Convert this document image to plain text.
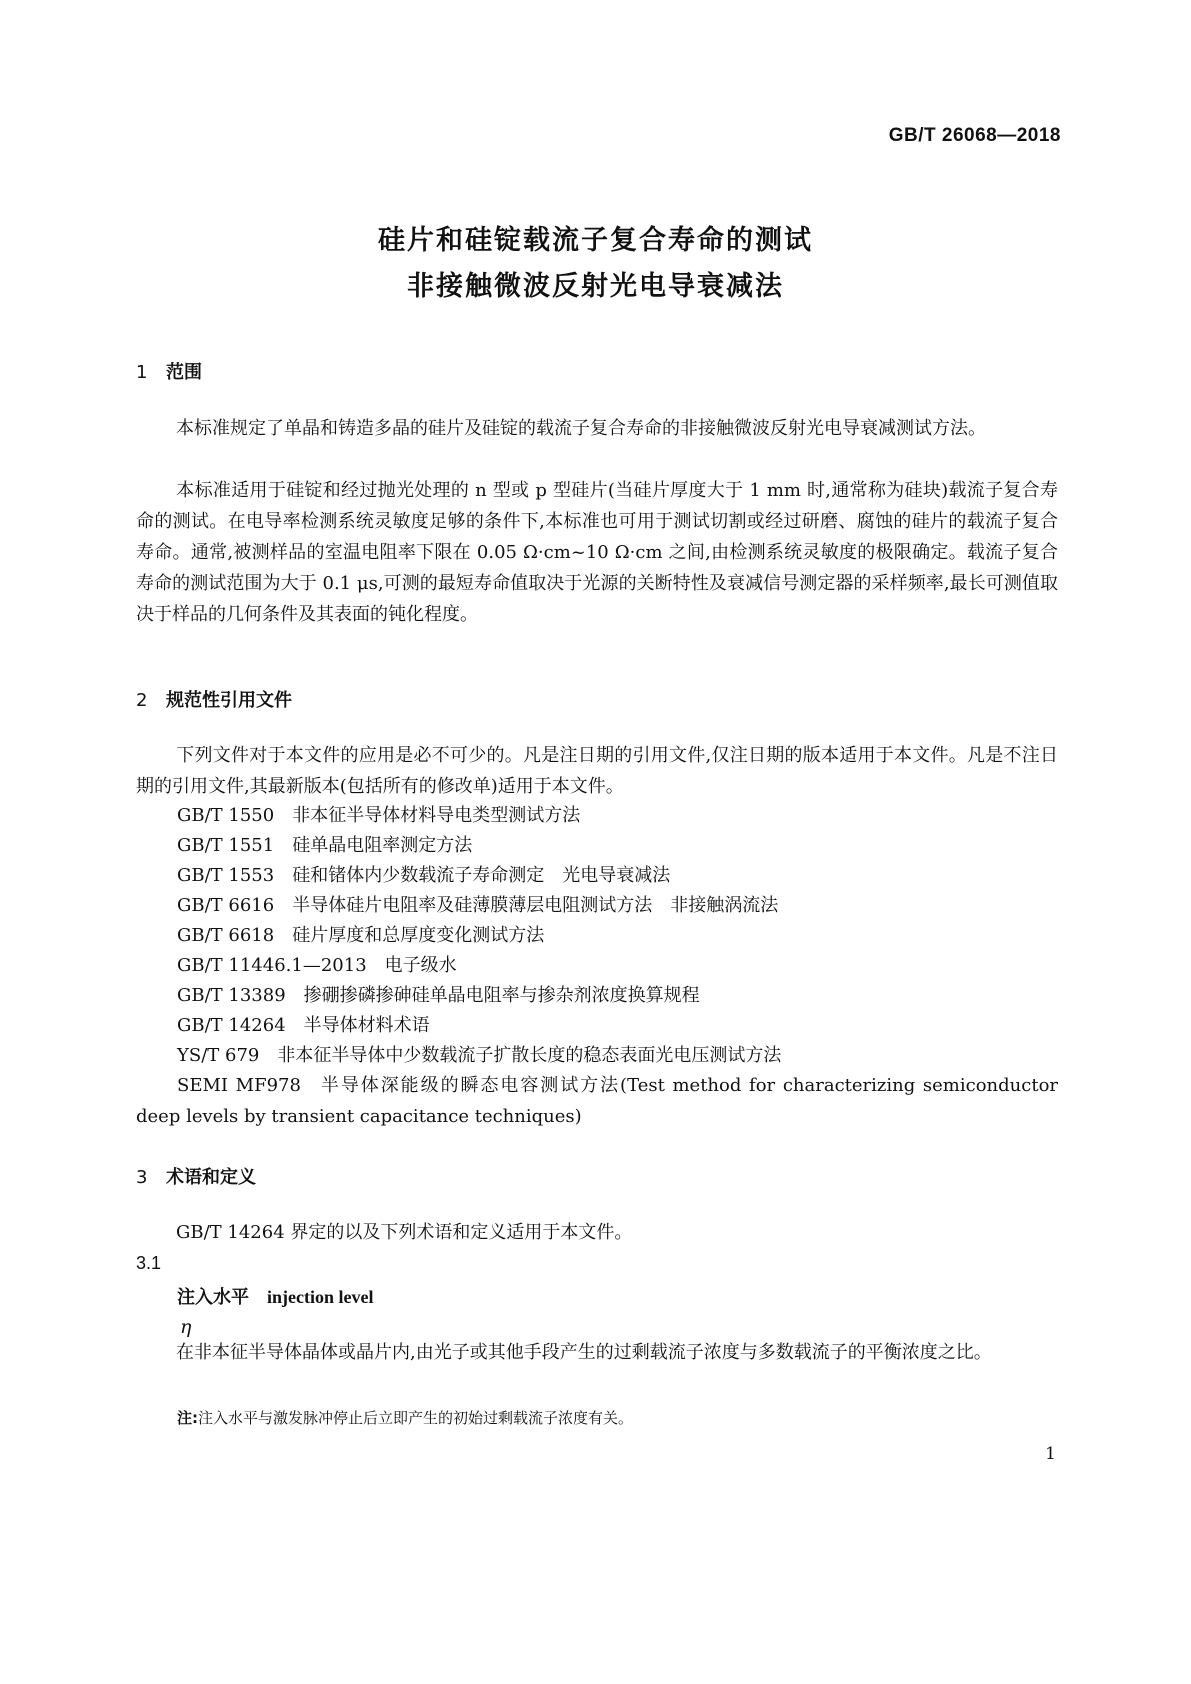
GB/T 26068—2018
硅片和硅锭载流子复合寿命的测试
非接触微波反射光电导衰减法
1 范围
本标准规定了单晶和铸造多晶的硅片及硅锭的载流子复合寿命的非接触微波反射光电导衰减测试方法。
本标准适用于硅锭和经过抛光处理的 n 型或 p 型硅片(当硅片厚度大于 1 mm 时,通常称为硅块)载流子复合寿命的测试。在电导率检测系统灵敏度足够的条件下,本标准也可用于测试切割或经过研磨、腐蚀的硅片的载流子复合寿命。通常,被测样品的室温电阻率下限在 0.05 Ω·cm~10 Ω·cm 之间,由检测系统灵敏度的极限确定。载流子复合寿命的测试范围为大于 0.1 μs,可测的最短寿命值取决于光源的关断特性及衰减信号测定器的采样频率,最长可测值取决于样品的几何条件及其表面的钝化程度。
2 规范性引用文件
下列文件对于本文件的应用是必不可少的。凡是注日期的引用文件,仅注日期的版本适用于本文件。凡是不注日期的引用文件,其最新版本(包括所有的修改单)适用于本文件。
GB/T 1550 非本征半导体材料导电类型测试方法
GB/T 1551 硅单晶电阻率测定方法
GB/T 1553 硅和锗体内少数载流子寿命测定　光电导衰减法
GB/T 6616 半导体硅片电阻率及硅薄膜薄层电阻测试方法　非接触涡流法
GB/T 6618 硅片厚度和总厚度变化测试方法
GB/T 11446.1—2013 电子级水
GB/T 13389 掺硼掺磷掺砷硅单晶电阻率与掺杂剂浓度换算规程
GB/T 14264 半导体材料术语
YS/T 679 非本征半导体中少数载流子扩散长度的稳态表面光电压测试方法
SEMI MF978 半导体深能级的瞬态电容测试方法(Test method for characterizing semiconductor deep levels by transient capacitance techniques)
3 术语和定义
GB/T 14264 界定的以及下列术语和定义适用于本文件。
3.1
注入水平 injection level
η
在非本征半导体晶体或晶片内,由光子或其他手段产生的过剩载流子浓度与多数载流子的平衡浓度之比。
注:注入水平与激发脉冲停止后立即产生的初始过剩载流子浓度有关。
1
